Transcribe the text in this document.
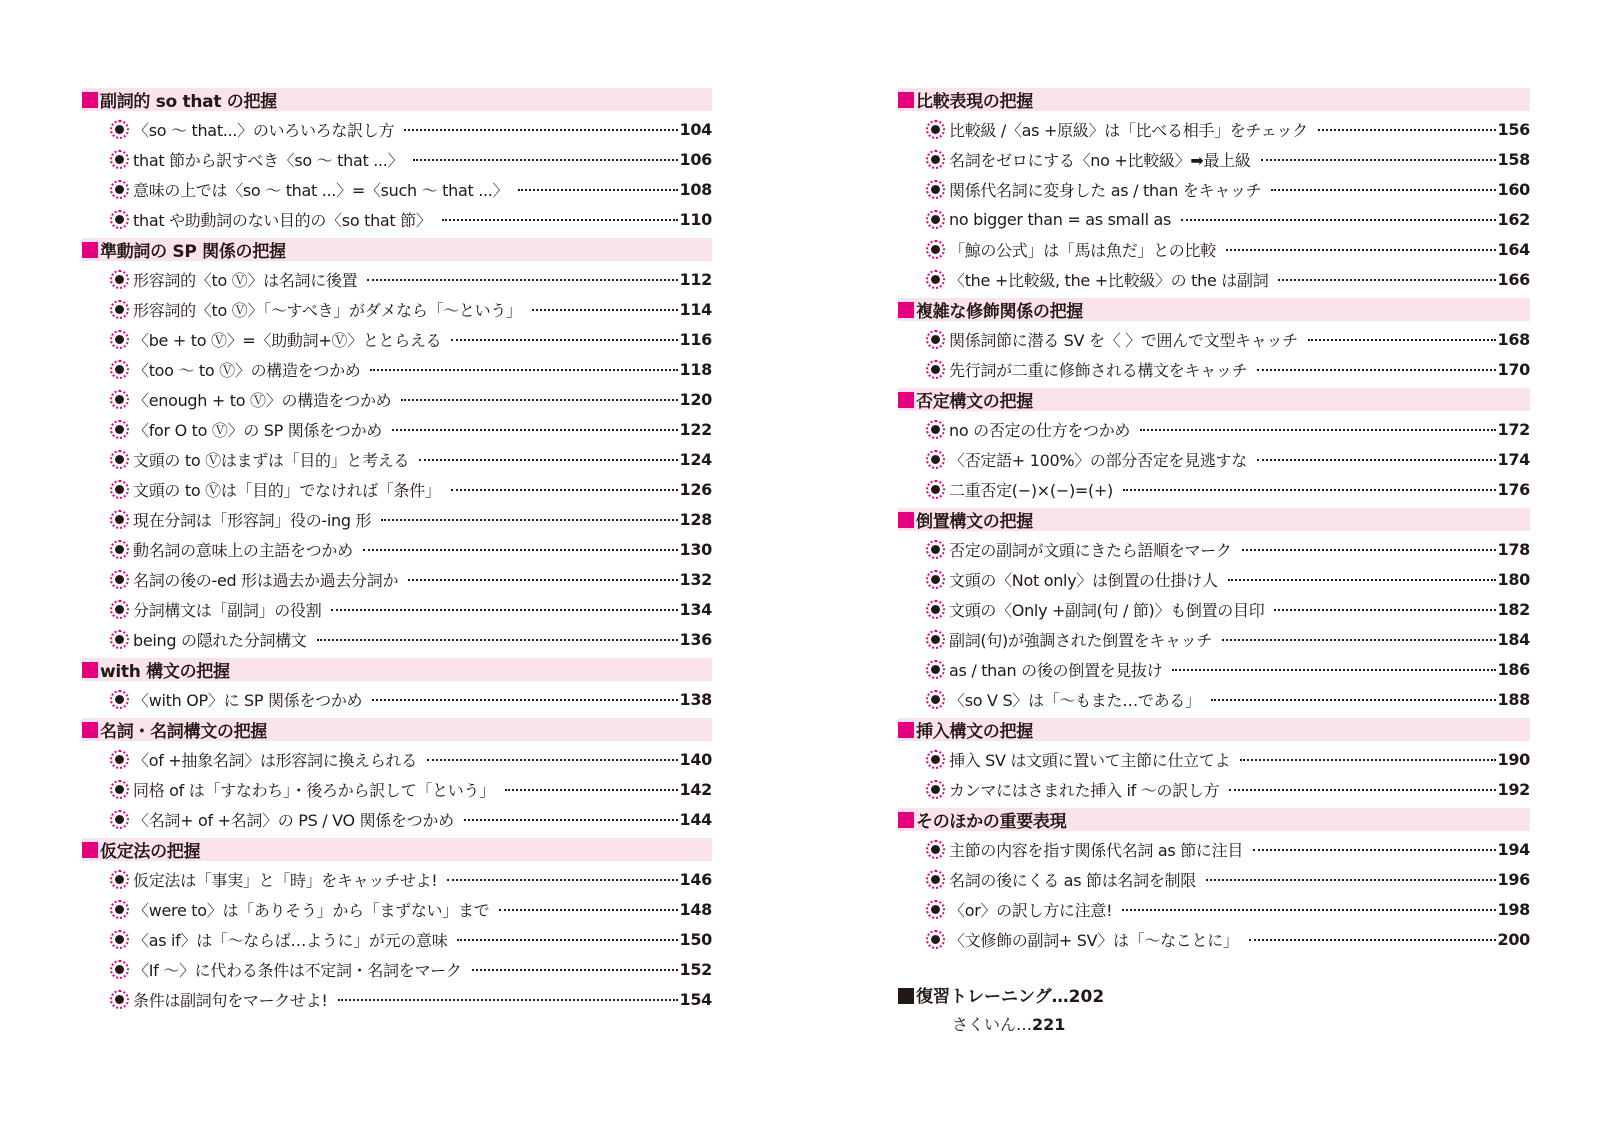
副詞的 so that の把握
〈so 〜 that...〉のいろいろな訳し方	104
that 節から訳すべき〈so 〜 that ...〉	106
意味の上では〈so 〜 that ...〉=〈such 〜 that ...〉	108
that や助動詞のない目的の〈so that 節〉	110
準動詞の SP 関係の把握
形容詞的〈to Ⓥ〉は名詞に後置	112
形容詞的〈to Ⓥ〉「〜すべき」がダメなら「〜という」	114
〈be + to Ⓥ〉=〈助動詞+Ⓥ〉ととらえる	116
〈too 〜 to Ⓥ〉の構造をつかめ	118
〈enough + to Ⓥ〉の構造をつかめ	120
〈for O to Ⓥ〉の SP 関係をつかめ	122
文頭の to Ⓥはまずは「目的」と考える	124
文頭の to Ⓥは「目的」でなければ「条件」	126
現在分詞は「形容詞」役の-ing 形	128
動名詞の意味上の主語をつかめ	130
名詞の後の-ed 形は過去か過去分詞か	132
分詞構文は「副詞」の役割	134
being の隠れた分詞構文	136
with 構文の把握
〈with OP〉に SP 関係をつかめ	138
名詞・名詞構文の把握
〈of +抽象名詞〉は形容詞に換えられる	140
同格 of は「すなわち」・後ろから訳して「という」	142
〈名詞+ of +名詞〉の PS / VO 関係をつかめ	144
仮定法の把握
仮定法は「事実」と「時」をキャッチせよ!	146
〈were to〉は「ありそう」から「まずない」まで	148
〈as if〉は「〜ならば…ように」が元の意味	150
〈If 〜〉に代わる条件は不定詞・名詞をマーク	152
条件は副詞句をマークせよ!	154
比較表現の把握
比較級 /〈as +原級〉は「比べる相手」をチェック	156
名詞をゼロにする〈no +比較級〉➡最上級	158
関係代名詞に変身した as / than をキャッチ	160
no bigger than = as small as	162
「鯨の公式」は「馬は魚だ」との比較	164
〈the +比較級, the +比較級〉の the は副詞	166
複雑な修飾関係の把握
関係詞節に潜る SV を〈 〉で囲んで文型キャッチ	168
先行詞が二重に修飾される構文をキャッチ	170
否定構文の把握
no の否定の仕方をつかめ	172
〈否定語+ 100%〉の部分否定を見逃すな	174
二重否定(−)×(−)=(+)	176
倒置構文の把握
否定の副詞が文頭にきたら語順をマーク	178
文頭の〈Not only〉は倒置の仕掛け人	180
文頭の〈Only +副詞(句 / 節)〉も倒置の目印	182
副詞(句)が強調された倒置をキャッチ	184
as / than の後の倒置を見抜け	186
〈so V S〉は「〜もまた…である」	188
挿入構文の把握
挿入 SV は文頭に置いて主節に仕立てよ	190
カンマにはさまれた挿入 if 〜の訳し方	192
そのほかの重要表現
主節の内容を指す関係代名詞 as 節に注目	194
名詞の後にくる as 節は名詞を制限	196
〈or〉の訳し方に注意!	198
〈文修飾の副詞+ SV〉は「〜なことに」	200
復習トレーニング…202
さくいん…221
